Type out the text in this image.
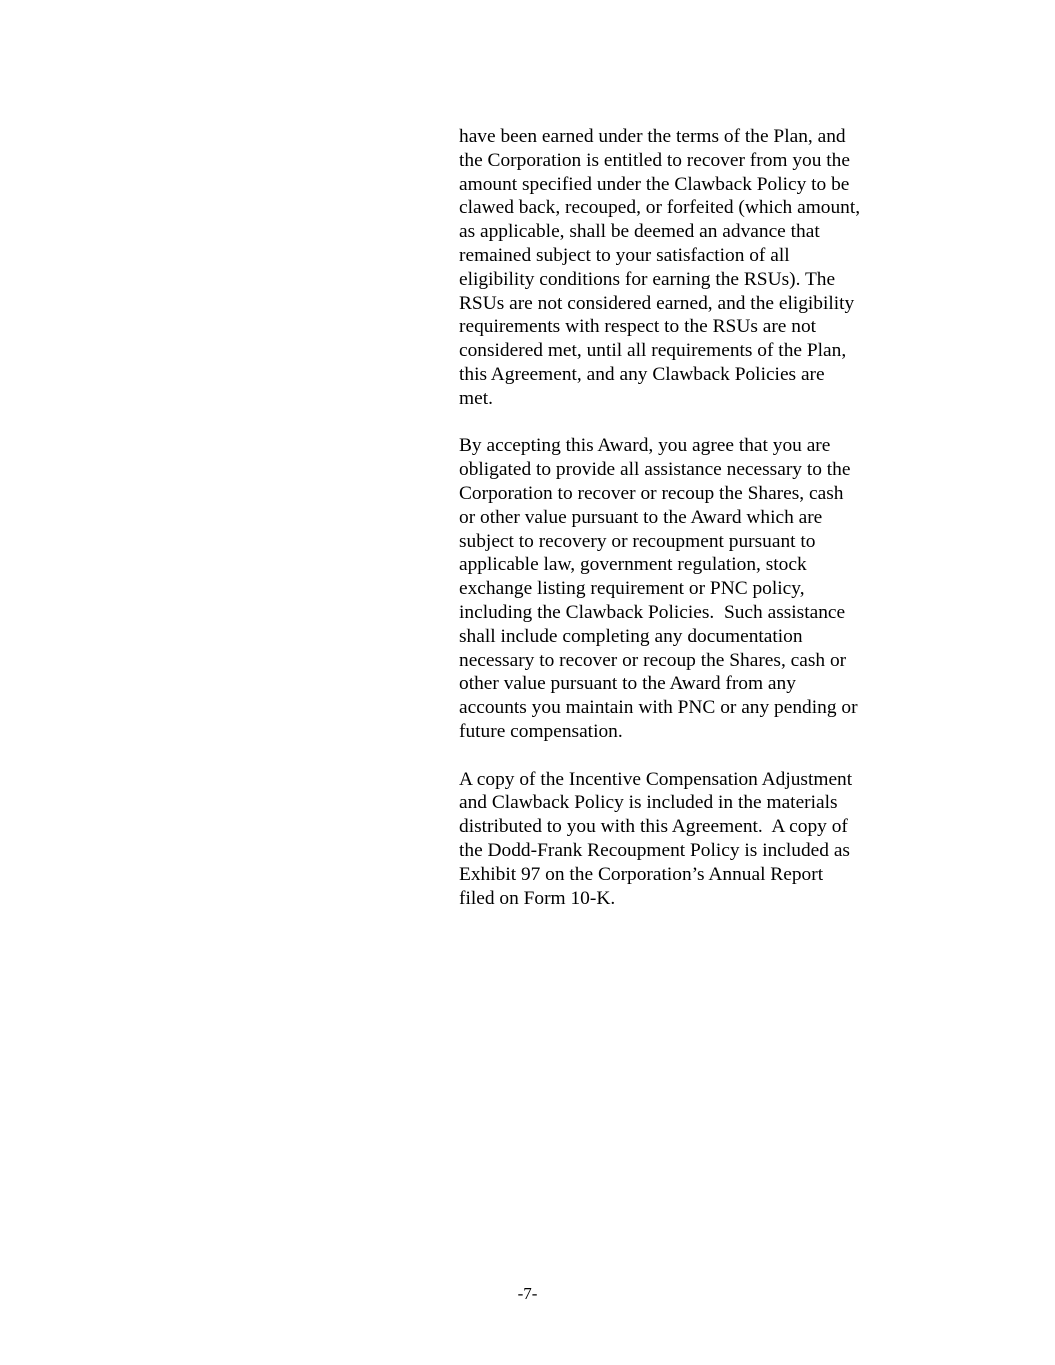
have been earned under the terms of the Plan, and
the Corporation is entitled to recover from you the
amount specified under the Clawback Policy to be
clawed back, recouped, or forfeited (which amount,
as applicable, shall be deemed an advance that
remained subject to your satisfaction of all
eligibility conditions for earning the RSUs). The
RSUs are not considered earned, and the eligibility
requirements with respect to the RSUs are not
considered met, until all requirements of the Plan,
this Agreement, and any Clawback Policies are
met.

By accepting this Award, you agree that you are
obligated to provide all assistance necessary to the
Corporation to recover or recoup the Shares, cash
or other value pursuant to the Award which are
subject to recovery or recoupment pursuant to
applicable law, government regulation, stock
exchange listing requirement or PNC policy,
including the Clawback Policies.  Such assistance
shall include completing any documentation
necessary to recover or recoup the Shares, cash or
other value pursuant to the Award from any
accounts you maintain with PNC or any pending or
future compensation.

A copy of the Incentive Compensation Adjustment
and Clawback Policy is included in the materials
distributed to you with this Agreement.  A copy of
the Dodd-Frank Recoupment Policy is included as
Exhibit 97 on the Corporation’s Annual Report
filed on Form 10-K.

-7-
